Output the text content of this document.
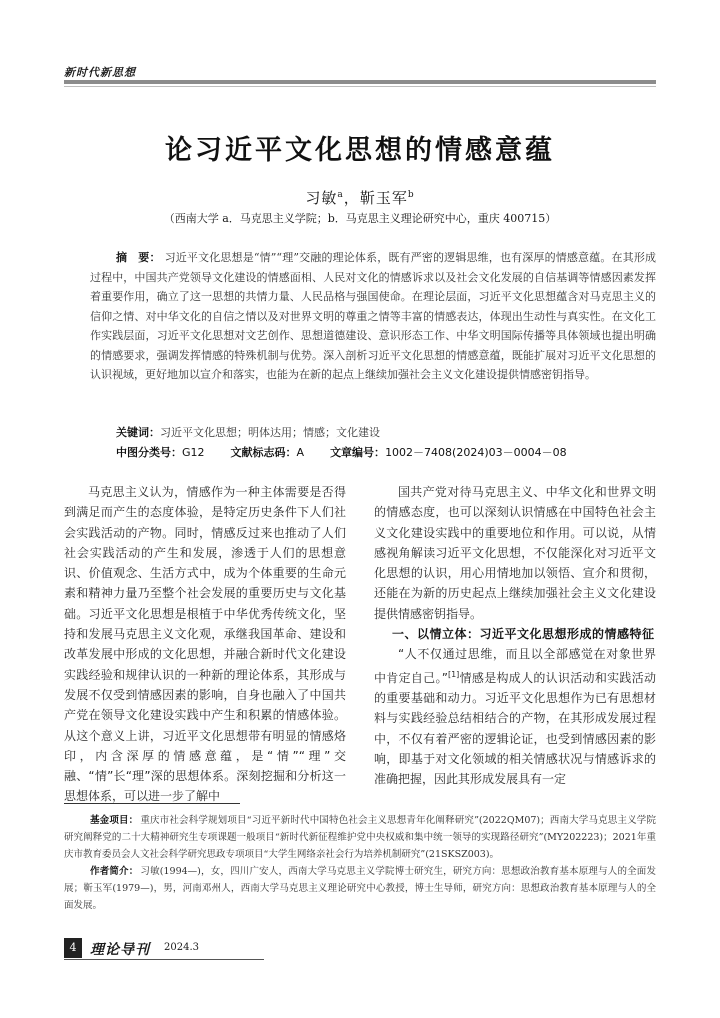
新时代新思想
论习近平文化思想的情感意蕴
习敏$^a$，靳玉军$^b$
（西南大学 a．马克思主义学院；b．马克思主义理论研究中心，重庆 400715）
摘　要： 习近平文化思想是“情”“理”交融的理论体系，既有严密的逻辑思维，也有深厚的情感意蕴。在其形成过程中，中国共产党领导文化建设的情感面相、人民对文化的情感诉求以及社会文化发展的自信基调等情感因素发挥着重要作用，确立了这一思想的共情力量、人民品格与强国使命。在理论层面，习近平文化思想蕴含对马克思主义的信仰之情、对中华文化的自信之情以及对世界文明的尊重之情等丰富的情感表达，体现出生动性与真实性。在文化工作实践层面，习近平文化思想对文艺创作、思想道德建设、意识形态工作、中华文明国际传播等具体领域也提出明确的情感要求，强调发挥情感的特殊机制与优势。深入剖析习近平文化思想的情感意蕴，既能扩展对习近平文化思想的认识视域，更好地加以宣介和落实，也能为在新的起点上继续加强社会主义文化建设提供情感密钥指导。
关键词：习近平文化思想；明体达用；情感；文化建设
中图分类号：G12 文献标志码：A 文章编号：1002－7408(2024)03－0004－08

马克思主义认为，情感作为一种主体需要是否得到满足而产生的态度体验，是特定历史条件下人们社会实践活动的产物。同时，情感反过来也推动了人们社会实践活动的产生和发展，渗透于人们的思想意识、价值观念、生活方式中，成为个体重要的生命元素和精神力量乃至整个社会发展的重要历史与文化基础。习近平文化思想是根植于中华优秀传统文化，坚持和发展马克思主义文化观，承继我国革命、建设和改革发展中形成的文化思想，并融合新时代文化建设实践经验和规律认识的一种新的理论体系，其形成与发展不仅受到情感因素的影响，自身也融入了中国共产党在领导文化建设实践中产生和积累的情感体验。从这个意义上讲，习近平文化思想带有明显的情感烙印，内含深厚的情感意蕴，是“情”“理”交融、“情”长“理”深的思想体系。深刻挖掘和分析这一思想体系，可以进一步了解中

国共产党对待马克思主义、中华文化和世界文明的情感态度，也可以深刻认识情感在中国特色社会主义文化建设实践中的重要地位和作用。可以说，从情感视角解读习近平文化思想，不仅能深化对习近平文化思想的认识，用心用情地加以领悟、宣介和贯彻，还能在为新的历史起点上继续加强社会主义文化建设提供情感密钥指导。

一、以情立体：习近平文化思想形成的情感特征

“人不仅通过思维，而且以全部感觉在对象世界中肯定自己。”[1]情感是构成人的认识活动和实践活动的重要基础和动力。习近平文化思想作为已有思想材料与实践经验总结相结合的产物，在其形成发展过程中，不仅有着严密的逻辑论证，也受到情感因素的影响，即基于对文化领域的相关情感状况与情感诉求的准确把握，因此其形成发展具有一定

基金项目： 重庆市社会科学规划项目“习近平新时代中国特色社会主义思想青年化阐释研究”(2022QM07)；西南大学马克思主义学院研究阐释党的二十大精神研究生专项课题一般项目“新时代新征程维护党中央权威和集中统一领导的实现路径研究”(MY202223)；2021年重庆市教育委员会人文社会科学研究思政专项项目“大学生网络亲社会行为培养机制研究”(21SKSZ003)。

作者简介： 习敏(1994—)，女，四川广安人，西南大学马克思主义学院博士研究生，研究方向：思想政治教育基本原理与人的全面发展；靳玉军(1979—)，男，河南邓州人，西南大学马克思主义理论研究中心教授，博士生导师，研究方向：思想政治教育基本原理与人的全面发展。

4 理论导刊 2024.3
